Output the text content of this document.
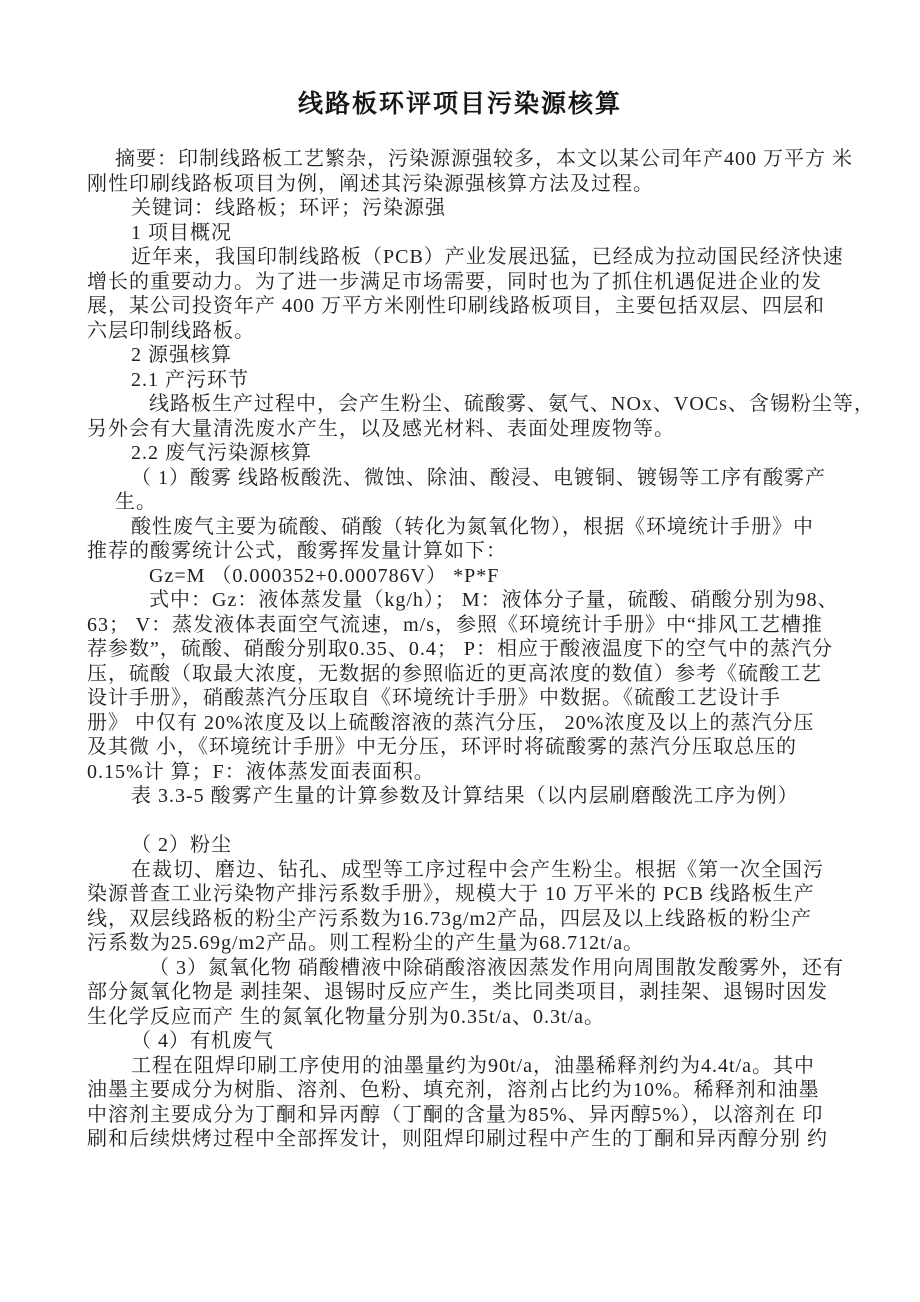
线路板环评项目污染源核算
摘要：印制线路板工艺繁杂，污染源源强较多，本文以某公司年产400 万平方 米
刚性印刷线路板项目为例，阐述其污染源强核算方法及过程。
关键词：线路板；环评；污染源强
1 项目概况
近年来，我国印制线路板（PCB）产业发展迅猛，已经成为拉动国民经济快速
增长的重要动力。为了进一步满足市场需要，同时也为了抓住机遇促进企业的发
展，某公司投资年产 400 万平方米刚性印刷线路板项目，主要包括双层、四层和
六层印制线路板。
2 源强核算
2.1 产污环节
线路板生产过程中，会产生粉尘、硫酸雾、氨气、NOx、VOCs、含锡粉尘等，
另外会有大量清洗废水产生，以及感光材料、表面处理废物等。
2.2 废气污染源核算
（ 1）酸雾 线路板酸洗、微蚀、除油、酸浸、电镀铜、镀锡等工序有酸雾产
生。
酸性废气主要为硫酸、硝酸（转化为氮氧化物），根据《环境统计手册》中
推荐的酸雾统计公式，酸雾挥发量计算如下：
Gz=M （0.000352+0.000786V） *P*F
式中：Gz：液体蒸发量（kg/h）； M：液体分子量，硫酸、硝酸分别为98、
63； V：蒸发液体表面空气流速，m/s，参照《环境统计手册》中“排风工艺槽推
荐参数”，硫酸、硝酸分别取0.35、0.4； P：相应于酸液温度下的空气中的蒸汽分
压，硫酸（取最大浓度，无数据的参照临近的更高浓度的数值）参考《硫酸工艺
设计手册》，硝酸蒸汽分压取自《环境统计手册》中数据。《硫酸工艺设计手
册》 中仅有 20%浓度及以上硫酸溶液的蒸汽分压， 20%浓度及以上的蒸汽分压
及其微 小，《环境统计手册》中无分压，环评时将硫酸雾的蒸汽分压取总压的
0.15%计 算；F：液体蒸发面表面积。
表 3.3-5 酸雾产生量的计算参数及计算结果（以内层刷磨酸洗工序为例）

（ 2）粉尘
在裁切、磨边、钻孔、成型等工序过程中会产生粉尘。根据《第一次全国污
染源普查工业污染物产排污系数手册》，规模大于 10 万平米的 PCB 线路板生产
线，双层线路板的粉尘产污系数为16.73g/m2产品，四层及以上线路板的粉尘产
污系数为25.69g/m2产品。则工程粉尘的产生量为68.712t/a。
（ 3）氮氧化物 硝酸槽液中除硝酸溶液因蒸发作用向周围散发酸雾外，还有
部分氮氧化物是 剥挂架、退锡时反应产生，类比同类项目，剥挂架、退锡时因发
生化学反应而产 生的氮氧化物量分别为0.35t/a、0.3t/a。
（ 4）有机废气
工程在阻焊印刷工序使用的油墨量约为90t/a，油墨稀释剂约为4.4t/a。其中
油墨主要成分为树脂、溶剂、色粉、填充剂，溶剂占比约为10%。稀释剂和油墨
中溶剂主要成分为丁酮和异丙醇（丁酮的含量为85%、异丙醇5%），以溶剂在 印
刷和后续烘烤过程中全部挥发计，则阻焊印刷过程中产生的丁酮和异丙醇分别 约
